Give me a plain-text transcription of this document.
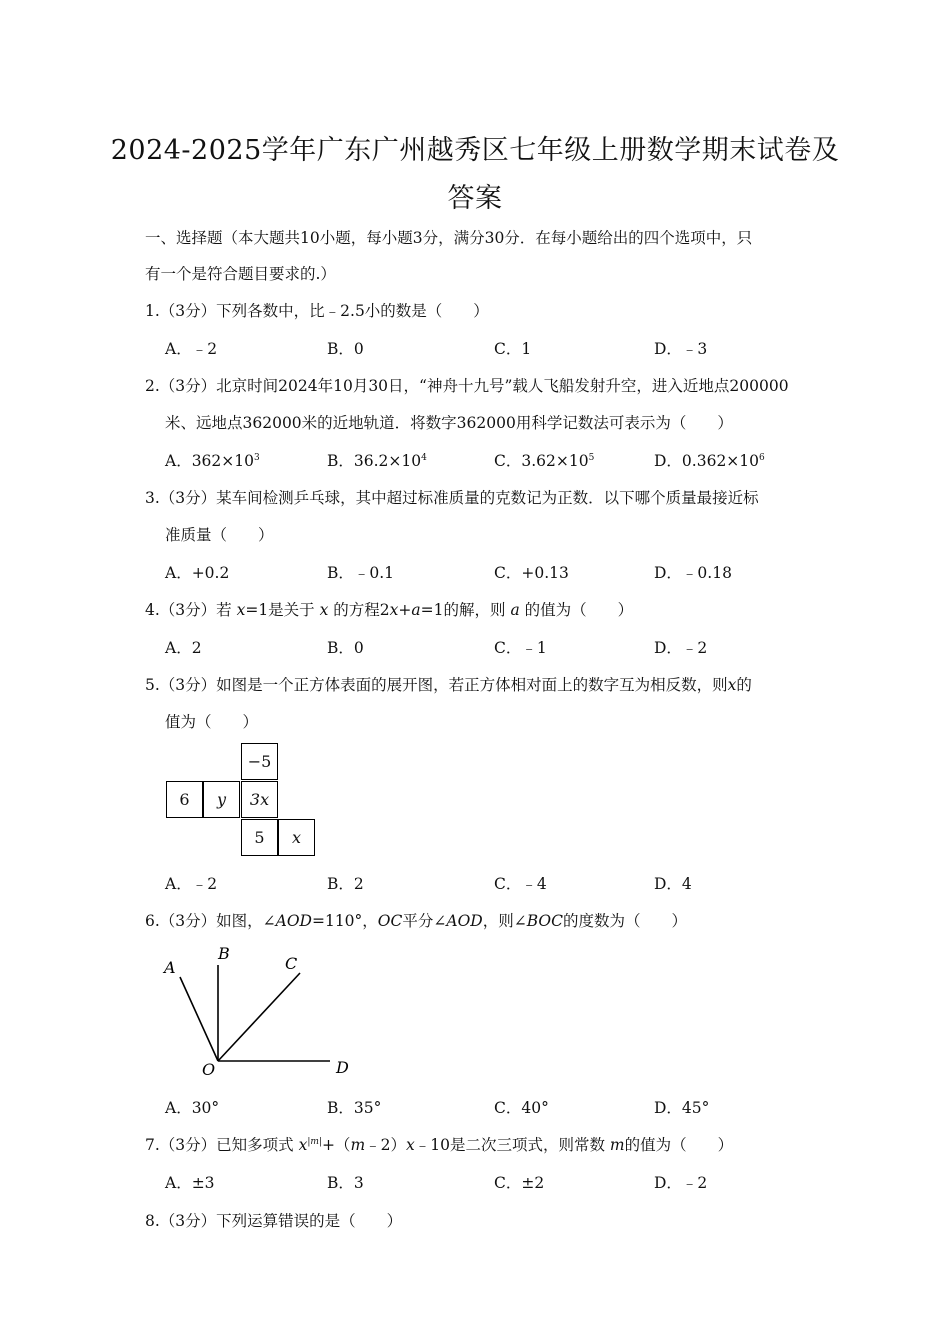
2024-2025学年广东广州越秀区七年级上册数学期末试卷及
答案
一、选择题（本大题共10小题，每小题3分，满分30分．在每小题给出的四个选项中，只
有一个是符合题目要求的.）
1.（3分）下列各数中，比﹣2.5小的数是（　　）
A．﹣2	B．0	C．1	D．﹣3
2.（3分）北京时间2024年10月30日，“神舟十九号”载人飞船发射升空，进入近地点200000
米、远地点362000米的近地轨道．将数字362000用科学记数法可表示为（　　）
A．$362\times 10^3$	B．$36.2\times 10^4$	C．$3.62\times 10^5$	D．$0.362\times 10^6$
3.（3分）某车间检测乒乓球，其中超过标准质量的克数记为正数．以下哪个质量最接近标
准质量（　　）
A．+0.2	B．﹣0.1	C．+0.13	D．﹣0.18
4.（3分）若 x=1是关于 x 的方程2x+a=1的解，则 a 的值为（　　）
A．2	B．0	C．﹣1	D．﹣2
5.（3分）如图是一个正方体表面的展开图，若正方体相对面上的数字互为相反数，则x的
值为（　　）
−5
6	y	3x
5	x
A．﹣2	B．2	C．﹣4	D．4
6.（3分）如图，∠AOD=110°，OC平分∠AOD，则∠BOC的度数为（　　）
A
B
C
O	D
A．30°	B．35°	C．40°	D．45°
7.（3分）已知多项式 $x^{|m|}+(m﹣2)x﹣10$是二次三项式，则常数 m的值为（　　）
A．±3	B．3	C．±2	D．﹣2
8.（3分）下列运算错误的是（　　）
